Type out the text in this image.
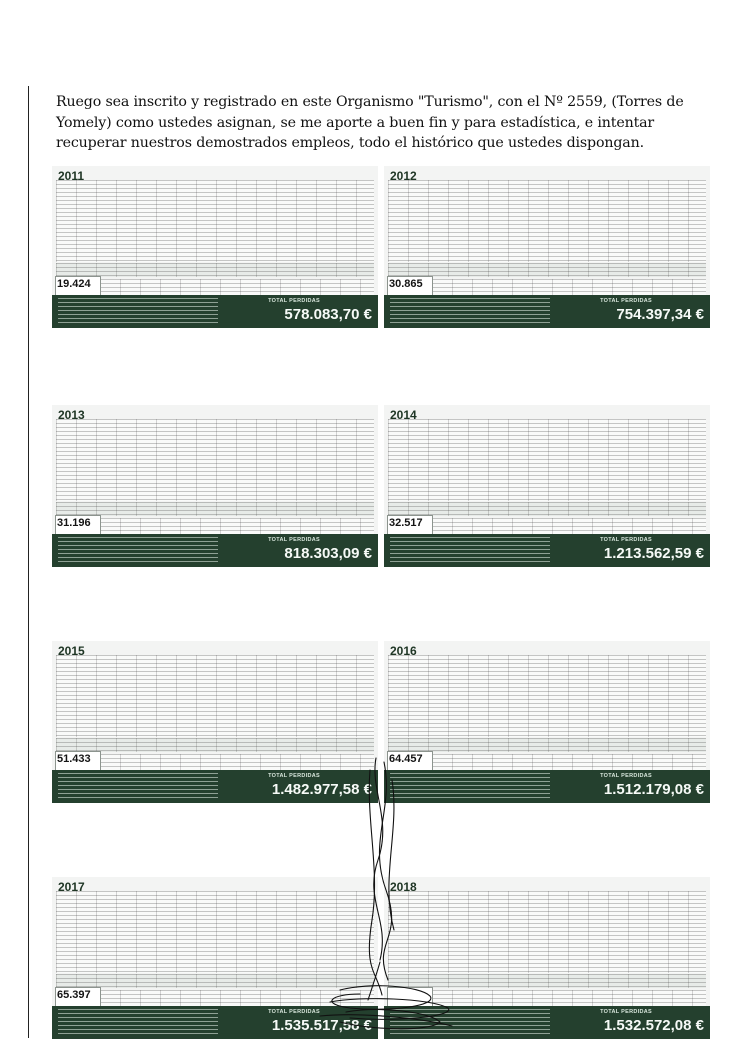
Ruego sea inscrito y registrado en este Organismo "Turismo", con el Nº 2559, (Torres de Yomely) como ustedes asignan, se me aporte a buen fin y para estadística, e intentar recuperar nuestros demostrados empleos, todo el histórico que ustedes dispongan.
2011
19.424
TOTAL PERDIDAS
578.083,70 €
2012
30.865
TOTAL PERDIDAS
754.397,34 €
2013
31.196
TOTAL PERDIDAS
818.303,09 €
2014
32.517
TOTAL PERDIDAS
1.213.562,59 €
2015
51.433
TOTAL PERDIDAS
1.482.977,58 €
2016
64.457
TOTAL PERDIDAS
1.512.179,08 €
2017
65.397
TOTAL PERDIDAS
1.535.517,58 €
2018
TOTAL PERDIDAS
1.532.572,08 €
